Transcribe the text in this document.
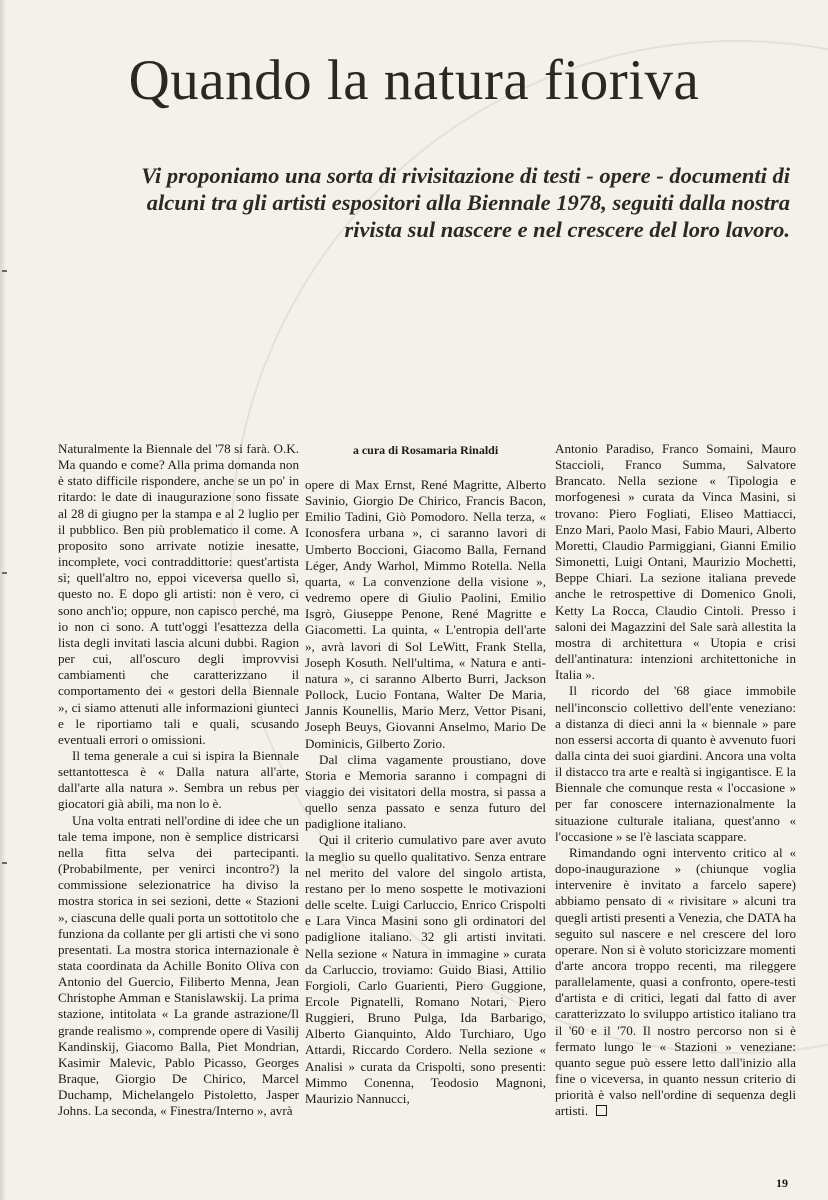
Quando la natura fioriva

Vi proponiamo una sorta di rivisitazione di testi - opere - documenti di alcuni tra gli artisti espositori alla Biennale 1978, seguiti dalla nostra rivista sul nascere e nel crescere del loro lavoro.

Naturalmente la Biennale del '78 si farà. O.K. Ma quando e come? Alla prima domanda non è stato difficile rispondere, anche se un po' in ritardo: le date di inaugurazione sono fissate al 28 di giugno per la stampa e al 2 luglio per il pubblico. Ben più problematico il come. A proposito sono arrivate notizie inesatte, incomplete, voci contraddittorie: quest'artista sì; quell'altro no, eppoi viceversa quello sì, questo no. E dopo gli artisti: non è vero, ci sono anch'io; oppure, non capisco perché, ma io non ci sono. A tutt'oggi l'esattezza della lista degli invitati lascia alcuni dubbi. Ragion per cui, all'oscuro degli improvvisi cambiamenti che caratterizzano il comportamento dei « gestori della Biennale », ci siamo attenuti alle informazioni giunteci e le riportiamo tali e quali, scusando eventuali errori o omissioni.

Il tema generale a cui si ispira la Biennale settantottesca è « Dalla natura all'arte, dall'arte alla natura ». Sembra un rebus per giocatori già abili, ma non lo è.

Una volta entrati nell'ordine di idee che un tale tema impone, non è semplice districarsi nella fitta selva dei partecipanti. (Probabilmente, per venirci incontro?) la commissione selezionatrice ha diviso la mostra storica in sei sezioni, dette « Stazioni », ciascuna delle quali porta un sottotitolo che funziona da collante per gli artisti che vi sono presentati. La mostra storica internazionale è stata coordinata da Achille Bonito Oliva con Antonio del Guercio, Filiberto Menna, Jean Christophe Amman e Stanislawskij. La prima stazione, intitolata « La grande astrazione/Il grande realismo », comprende opere di Vasilij Kandinskij, Giacomo Balla, Piet Mondrian, Kasimir Malevic, Pablo Picasso, Georges Braque, Giorgio De Chirico, Marcel Duchamp, Michelangelo Pistoletto, Jasper Johns. La seconda, « Finestra/Interno », avrà

a cura di Rosamaria Rinaldi

opere di Max Ernst, René Magritte, Alberto Savinio, Giorgio De Chirico, Francis Bacon, Emilio Tadini, Giò Pomodoro. Nella terza, « Iconosfera urbana », ci saranno lavori di Umberto Boccioni, Giacomo Balla, Fernand Léger, Andy Warhol, Mimmo Rotella. Nella quarta, « La convenzione della visione », vedremo opere di Giulio Paolini, Emilio Isgrò, Giuseppe Penone, René Magritte e Giacometti. La quinta, « L'entropia dell'arte », avrà lavori di Sol LeWitt, Frank Stella, Joseph Kosuth. Nell'ultima, « Natura e anti-natura », ci saranno Alberto Burri, Jackson Pollock, Lucio Fontana, Walter De Maria, Jannis Kounellis, Mario Merz, Vettor Pisani, Joseph Beuys, Giovanni Anselmo, Mario De Dominicis, Gilberto Zorio.

Dal clima vagamente proustiano, dove Storia e Memoria saranno i compagni di viaggio dei visitatori della mostra, si passa a quello senza passato e senza futuro del padiglione italiano.

Qui il criterio cumulativo pare aver avuto la meglio su quello qualitativo. Senza entrare nel merito del valore del singolo artista, restano per lo meno sospette le motivazioni delle scelte. Luigi Carluccio, Enrico Crispolti e Lara Vinca Masini sono gli ordinatori del padiglione italiano. 32 gli artisti invitati. Nella sezione « Natura in immagine » curata da Carluccio, troviamo: Guido Biasi, Attilio Forgioli, Carlo Guarienti, Piero Guggione, Ercole Pignatelli, Romano Notari, Piero Ruggieri, Bruno Pulga, Ida Barbarigo, Alberto Gianquinto, Aldo Turchiaro, Ugo Attardi, Riccardo Cordero. Nella sezione « Analisi » curata da Crispolti, sono presenti: Mimmo Conenna, Teodosio Magnoni, Maurizio Nannucci,

Antonio Paradiso, Franco Somaini, Mauro Staccioli, Franco Summa, Salvatore Brancato. Nella sezione « Tipologia e morfogenesi » curata da Vinca Masini, si trovano: Piero Fogliati, Eliseo Mattiacci, Enzo Mari, Paolo Masi, Fabio Mauri, Alberto Moretti, Claudio Parmiggiani, Gianni Emilio Simonetti, Luigi Ontani, Maurizio Mochetti, Beppe Chiari. La sezione italiana prevede anche le retrospettive di Domenico Gnoli, Ketty La Rocca, Claudio Cintoli. Presso i saloni dei Magazzini del Sale sarà allestita la mostra di architettura « Utopia e crisi dell'antinatura: intenzioni architettoniche in Italia ».

Il ricordo del '68 giace immobile nell'inconscio collettivo dell'ente veneziano: a distanza di dieci anni la « biennale » pare non essersi accorta di quanto è avvenuto fuori dalla cinta dei suoi giardini. Ancora una volta il distacco tra arte e realtà si ingigantisce. E la Biennale che comunque resta « l'occasione » per far conoscere internazionalmente la situazione culturale italiana, quest'anno « l'occasione » se l'è lasciata scappare.

Rimandando ogni intervento critico al « dopo-inaugurazione » (chiunque voglia intervenire è invitato a farcelo sapere) abbiamo pensato di « rivisitare » alcuni tra quegli artisti presenti a Venezia, che DATA ha seguito sul nascere e nel crescere del loro operare. Non si è voluto storicizzare momenti d'arte ancora troppo recenti, ma rileggere parallelamente, quasi a confronto, opere-testi d'artista e di critici, legati dal fatto di aver caratterizzato lo sviluppo artistico italiano tra il '60 e il '70. Il nostro percorso non si è fermato lungo le « Stazioni » veneziane: quanto segue può essere letto dall'inizio alla fine o viceversa, in quanto nessun criterio di priorità è valso nell'ordine di sequenza degli artisti.

19
